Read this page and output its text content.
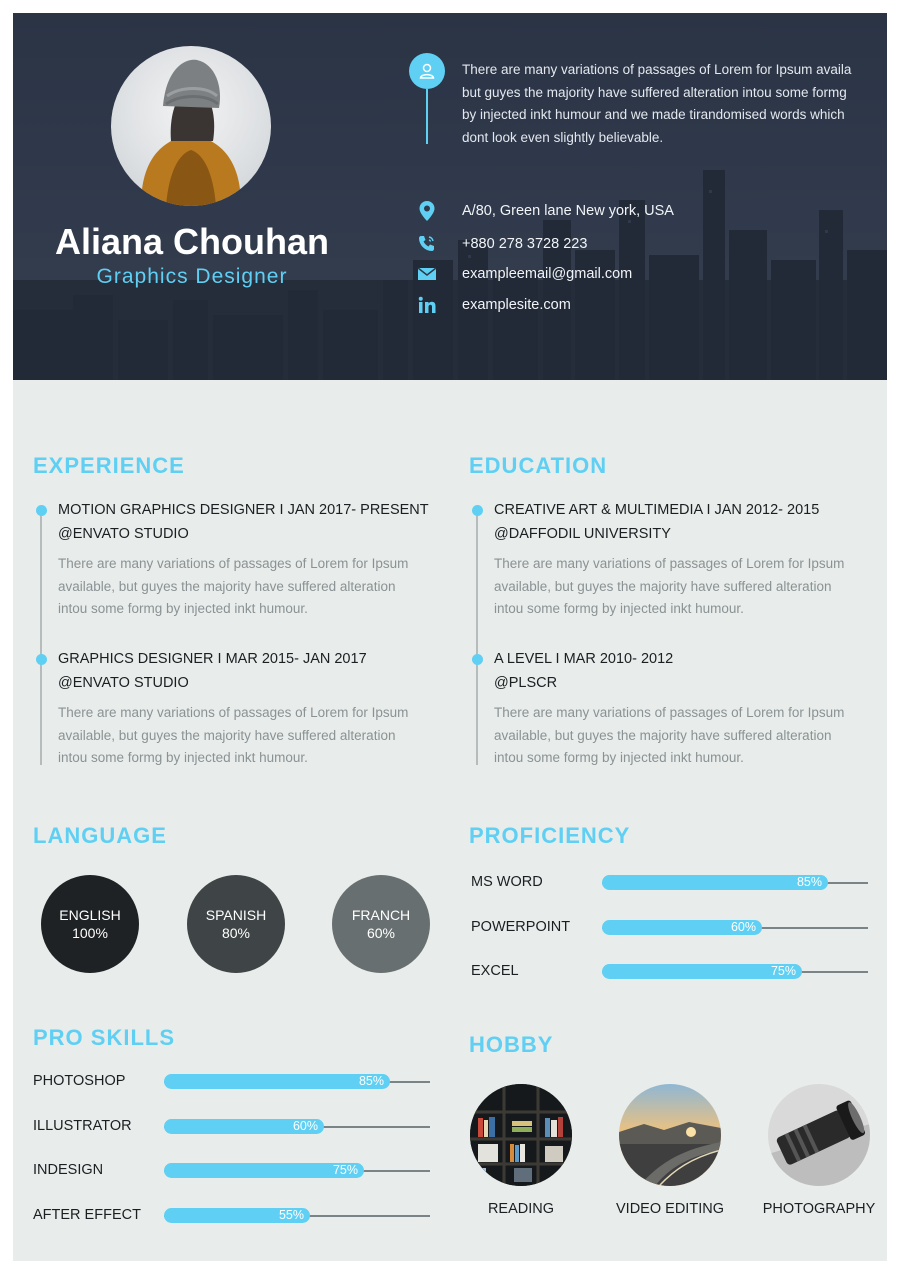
Aliana Chouhan
Graphics Designer
There are many variations of passages of Lorem for Ipsum availa but guyes the majority have suffered alteration intou some formg by injected inkt humour and we made tirandomised words which dont look even slightly believable.
A/80, Green lane New york, USA
+880 278 3728 223
exampleemail@gmail.com
examplesite.com
EXPERIENCE
MOTION GRAPHICS DESIGNER I JAN 2017- PRESENT
@ENVATO STUDIO
There are many variations of passages of Lorem for Ipsum available, but guyes the majority have suffered alteration intou some formg by injected inkt humour.
GRAPHICS DESIGNER I MAR 2015- JAN 2017
@ENVATO STUDIO
There are many variations of passages of Lorem for Ipsum available, but guyes the majority have suffered alteration intou some formg by injected inkt humour.
EDUCATION
CREATIVE ART & MULTIMEDIA I JAN 2012- 2015
@DAFFODIL UNIVERSITY
There are many variations of passages of Lorem for Ipsum available, but guyes the majority have suffered alteration intou some formg by injected inkt humour.
A LEVEL I MAR 2010- 2012
@PLSCR
There are many variations of passages of Lorem for Ipsum available, but guyes the majority have suffered alteration intou some formg by injected inkt humour.
LANGUAGE
ENGLISH
100%
SPANISH
80%
FRANCH
60%
PROFICIENCY
MS WORD	85%
POWERPOINT	60%
EXCEL	75%
PRO SKILLS
PHOTOSHOP	85%
ILLUSTRATOR	60%
INDESIGN	75%
AFTER EFFECT	55%
HOBBY
READING	VIDEO EDITING	PHOTOGRAPHY
